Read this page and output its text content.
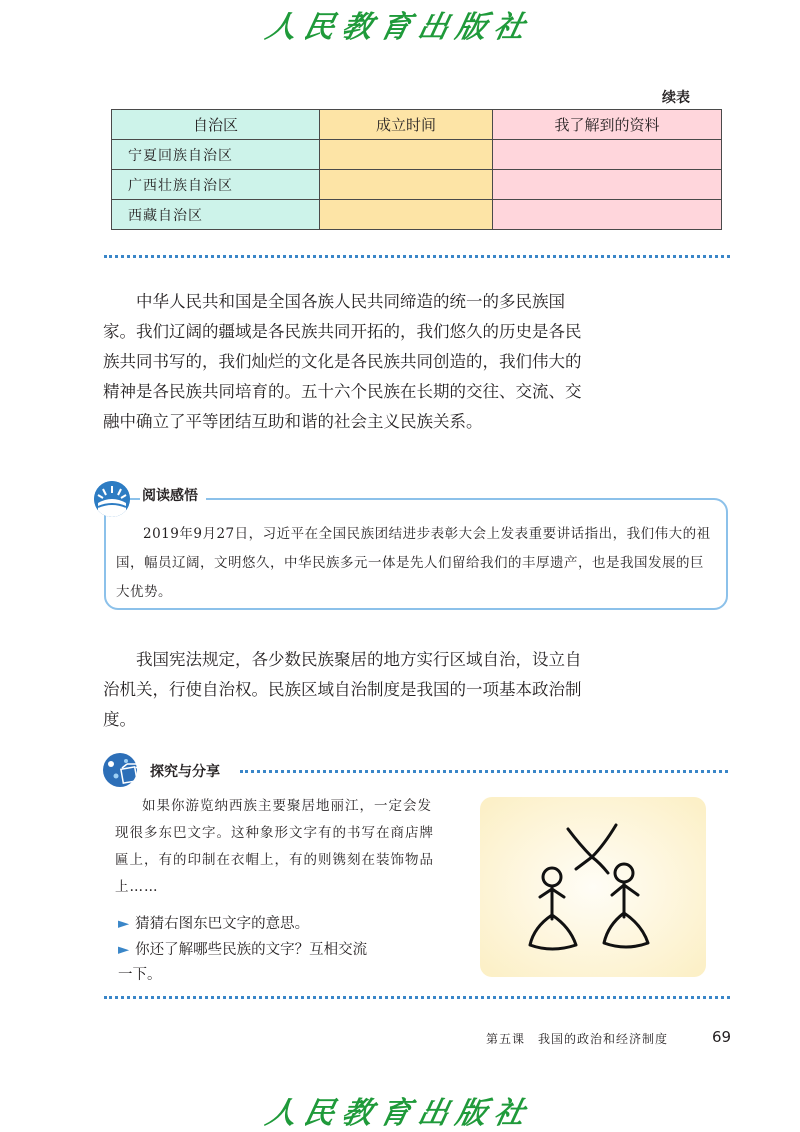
人民教育出版社
续表
自治区	成立时间	我了解到的资料
宁夏回族自治区		
广西壮族自治区		
西藏自治区		
中华人民共和国是全国各族人民共同缔造的统一的多民族国家。我们辽阔的疆域是各民族共同开拓的，我们悠久的历史是各民族共同书写的，我们灿烂的文化是各民族共同创造的，我们伟大的精神是各民族共同培育的。五十六个民族在长期的交往、交流、交融中确立了平等团结互助和谐的社会主义民族关系。
阅读感悟
2019年9月27日，习近平在全国民族团结进步表彰大会上发表重要讲话指出，我们伟大的祖国，幅员辽阔，文明悠久，中华民族多元一体是先人们留给我们的丰厚遗产，也是我国发展的巨大优势。
我国宪法规定，各少数民族聚居的地方实行区域自治，设立自治机关，行使自治权。民族区域自治制度是我国的一项基本政治制度。
探究与分享
如果你游览纳西族主要聚居地丽江，一定会发现很多东巴文字。这种象形文字有的书写在商店牌匾上，有的印制在衣帽上，有的则镌刻在装饰物品上……
► 猜猜右图东巴文字的意思。
► 你还了解哪些民族的文字？互相交流
一下。
第五课　我国的政治和经济制度	69
人民教育出版社
